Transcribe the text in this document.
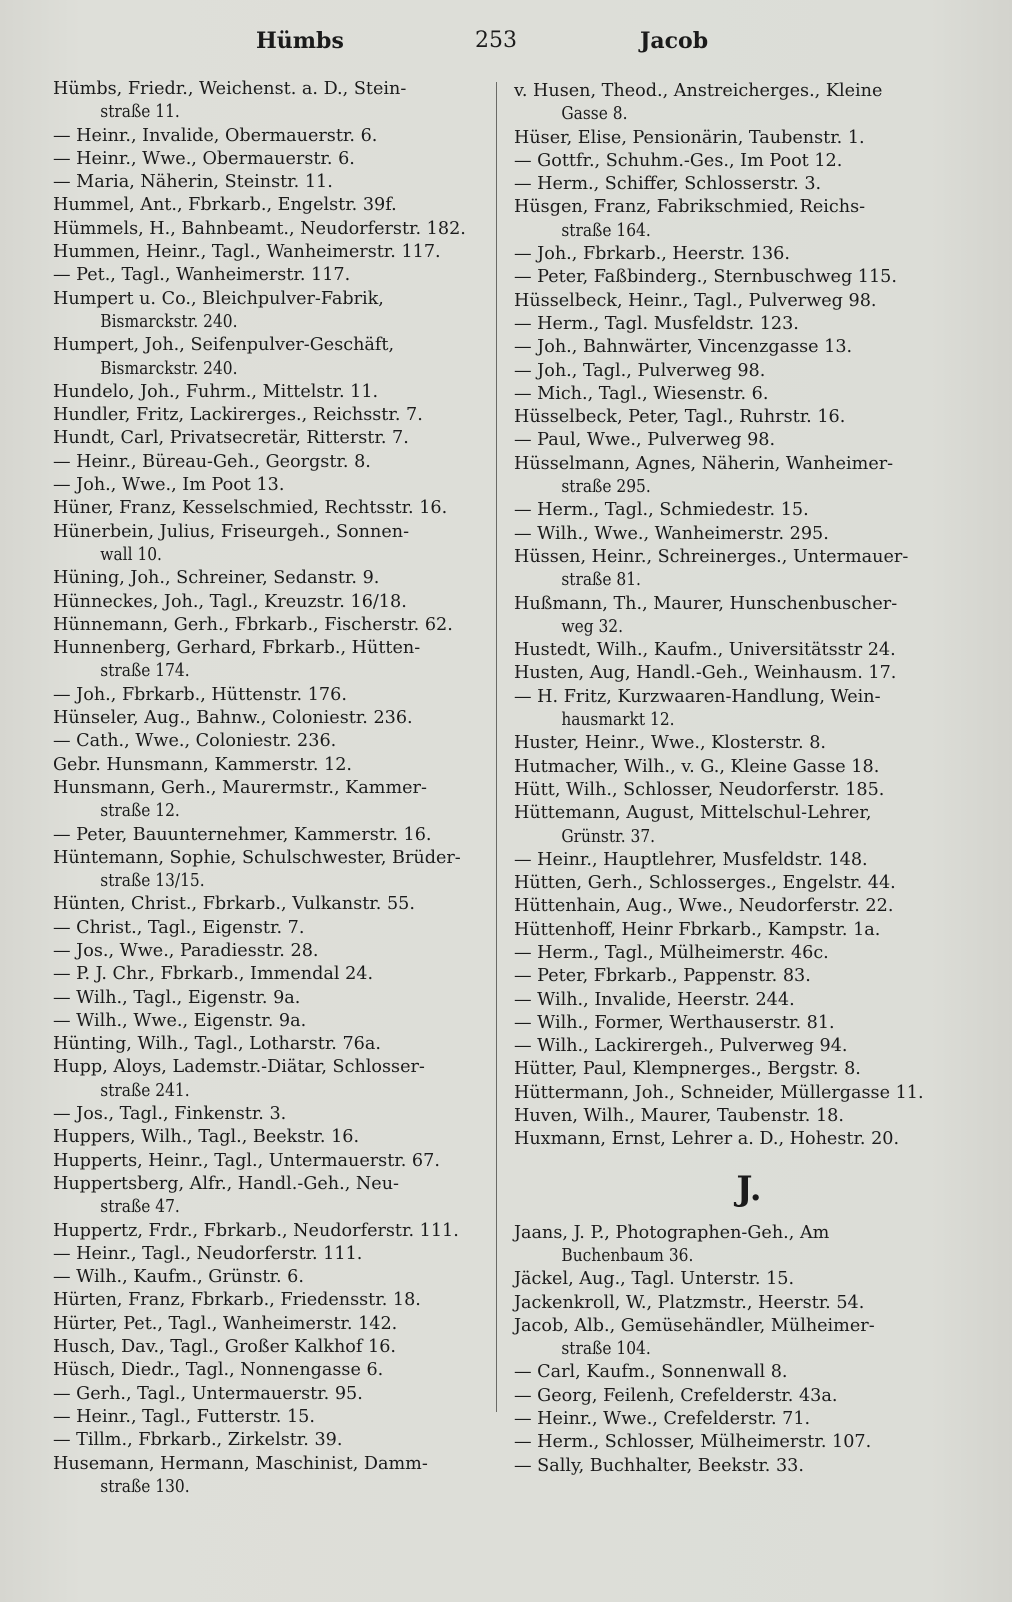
Hümbs	253	Jacob
Hümbs, Friedr., Weichenst. a. D., Stein-
straße 11.
— Heinr., Invalide, Obermauerstr. 6.
— Heinr., Wwe., Obermauerstr. 6.
— Maria, Näherin, Steinstr. 11.
Hummel, Ant., Fbrkarb., Engelstr. 39f.
Hümmels, H., Bahnbeamt., Neudorferstr. 182.
Hummen, Heinr., Tagl., Wanheimerstr. 117.
— Pet., Tagl., Wanheimerstr. 117.
Humpert u. Co., Bleichpulver-Fabrik,
Bismarckstr. 240.
Humpert, Joh., Seifenpulver-Geschäft,
Bismarckstr. 240.
Hundelo, Joh., Fuhrm., Mittelstr. 11.
Hundler, Fritz, Lackirerges., Reichsstr. 7.
Hundt, Carl, Privatsecretär, Ritterstr. 7.
— Heinr., Büreau-Geh., Georgstr. 8.
— Joh., Wwe., Im Poot 13.
Hüner, Franz, Kesselschmied, Rechtsstr. 16.
Hünerbein, Julius, Friseurgeh., Sonnen-
wall 10.
Hüning, Joh., Schreiner, Sedanstr. 9.
Hünneckes, Joh., Tagl., Kreuzstr. 16/18.
Hünnemann, Gerh., Fbrkarb., Fischerstr. 62.
Hunnenberg, Gerhard, Fbrkarb., Hütten-
straße 174.
— Joh., Fbrkarb., Hüttenstr. 176.
Hünseler, Aug., Bahnw., Coloniestr. 236.
— Cath., Wwe., Coloniestr. 236.
Gebr. Hunsmann, Kammerstr. 12.
Hunsmann, Gerh., Maurermstr., Kammer-
straße 12.
— Peter, Bauunternehmer, Kammerstr. 16.
Hüntemann, Sophie, Schulschwester, Brüder-
straße 13/15.
Hünten, Christ., Fbrkarb., Vulkanstr. 55.
— Christ., Tagl., Eigenstr. 7.
— Jos., Wwe., Paradiesstr. 28.
— P. J. Chr., Fbrkarb., Immendal 24.
— Wilh., Tagl., Eigenstr. 9a.
— Wilh., Wwe., Eigenstr. 9a.
Hünting, Wilh., Tagl., Lotharstr. 76a.
Hupp, Aloys, Lademstr.-Diätar, Schlosser-
straße 241.
— Jos., Tagl., Finkenstr. 3.
Huppers, Wilh., Tagl., Beekstr. 16.
Hupperts, Heinr., Tagl., Untermauerstr. 67.
Huppertsberg, Alfr., Handl.-Geh., Neu-
straße 47.
Huppertz, Frdr., Fbrkarb., Neudorferstr. 111.
— Heinr., Tagl., Neudorferstr. 111.
— Wilh., Kaufm., Grünstr. 6.
Hürten, Franz, Fbrkarb., Friedensstr. 18.
Hürter, Pet., Tagl., Wanheimerstr. 142.
Husch, Dav., Tagl., Großer Kalkhof 16.
Hüsch, Diedr., Tagl., Nonnengasse 6.
— Gerh., Tagl., Untermauerstr. 95.
— Heinr., Tagl., Futterstr. 15.
— Tillm., Fbrkarb., Zirkelstr. 39.
Husemann, Hermann, Maschinist, Damm-
straße 130.
v. Husen, Theod., Anstreicherges., Kleine
Gasse 8.
Hüser, Elise, Pensionärin, Taubenstr. 1.
— Gottfr., Schuhm.-Ges., Im Poot 12.
— Herm., Schiffer, Schlosserstr. 3.
Hüsgen, Franz, Fabrikschmied, Reichs-
straße 164.
— Joh., Fbrkarb., Heerstr. 136.
— Peter, Faßbinderg., Sternbuschweg 115.
Hüsselbeck, Heinr., Tagl., Pulverweg 98.
— Herm., Tagl. Musfeldstr. 123.
— Joh., Bahnwärter, Vincenzgasse 13.
— Joh., Tagl., Pulverweg 98.
— Mich., Tagl., Wiesenstr. 6.
Hüsselbeck, Peter, Tagl., Ruhrstr. 16.
— Paul, Wwe., Pulverweg 98.
Hüsselmann, Agnes, Näherin, Wanheimer-
straße 295.
— Herm., Tagl., Schmiedestr. 15.
— Wilh., Wwe., Wanheimerstr. 295.
Hüssen, Heinr., Schreinerges., Untermauer-
straße 81.
Hußmann, Th., Maurer, Hunschenbuscher-
weg 32.
Hustedt, Wilh., Kaufm., Universitätsstr 24.
Husten, Aug, Handl.-Geh., Weinhausm. 17.
— H. Fritz, Kurzwaaren-Handlung, Wein-
hausmarkt 12.
Huster, Heinr., Wwe., Klosterstr. 8.
Hutmacher, Wilh., v. G., Kleine Gasse 18.
Hütt, Wilh., Schlosser, Neudorferstr. 185.
Hüttemann, August, Mittelschul-Lehrer,
Grünstr. 37.
— Heinr., Hauptlehrer, Musfeldstr. 148.
Hütten, Gerh., Schlosserges., Engelstr. 44.
Hüttenhain, Aug., Wwe., Neudorferstr. 22.
Hüttenhoff, Heinr Fbrkarb., Kampstr. 1a.
— Herm., Tagl., Mülheimerstr. 46c.
— Peter, Fbrkarb., Pappenstr. 83.
— Wilh., Invalide, Heerstr. 244.
— Wilh., Former, Werthauserstr. 81.
— Wilh., Lackirergeh., Pulverweg 94.
Hütter, Paul, Klempnerges., Bergstr. 8.
Hüttermann, Joh., Schneider, Müllergasse 11.
Huven, Wilh., Maurer, Taubenstr. 18.
Huxmann, Ernst, Lehrer a. D., Hohestr. 20.
J.
Jaans, J. P., Photographen-Geh., Am
Buchenbaum 36.
Jäckel, Aug., Tagl. Unterstr. 15.
Jackenkroll, W., Platzmstr., Heerstr. 54.
Jacob, Alb., Gemüsehändler, Mülheimer-
straße 104.
— Carl, Kaufm., Sonnenwall 8.
— Georg, Feilenh, Crefelderstr. 43a.
— Heinr., Wwe., Crefelderstr. 71.
— Herm., Schlosser, Mülheimerstr. 107.
— Sally, Buchhalter, Beekstr. 33.
